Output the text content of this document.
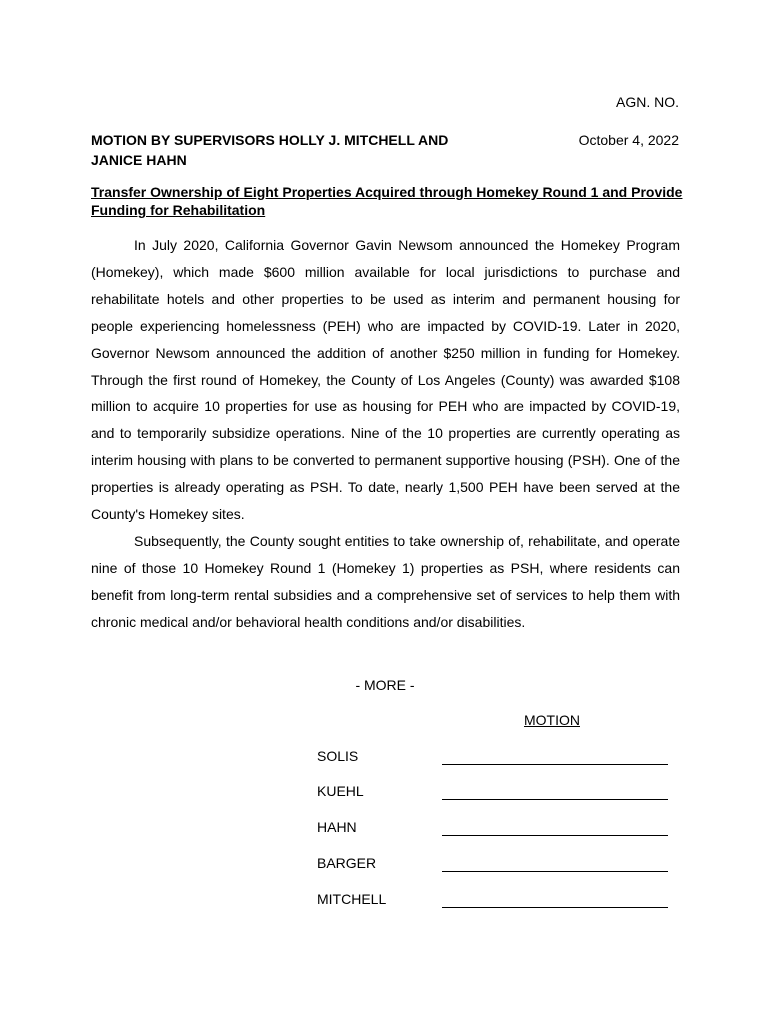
AGN. NO.
MOTION BY SUPERVISORS HOLLY J. MITCHELL AND JANICE HAHN
October 4, 2022
Transfer Ownership of Eight Properties Acquired through Homekey Round 1 and Provide Funding for Rehabilitation

In July 2020, California Governor Gavin Newsom announced the Homekey Program (Homekey), which made $600 million available for local jurisdictions to purchase and rehabilitate hotels and other properties to be used as interim and permanent housing for people experiencing homelessness (PEH) who are impacted by COVID-19. Later in 2020, Governor Newsom announced the addition of another $250 million in funding for Homekey. Through the first round of Homekey, the County of Los Angeles (County) was awarded $108 million to acquire 10 properties for use as housing for PEH who are impacted by COVID-19, and to temporarily subsidize operations. Nine of the 10 properties are currently operating as interim housing with plans to be converted to permanent supportive housing (PSH). One of the properties is already operating as PSH. To date, nearly 1,500 PEH have been served at the County's Homekey sites.

Subsequently, the County sought entities to take ownership of, rehabilitate, and operate nine of those 10 Homekey Round 1 (Homekey 1) properties as PSH, where residents can benefit from long-term rental subsidies and a comprehensive set of services to help them with chronic medical and/or behavioral health conditions and/or disabilities.

- MORE -
MOTION
SOLIS
KUEHL
HAHN
BARGER
MITCHELL
